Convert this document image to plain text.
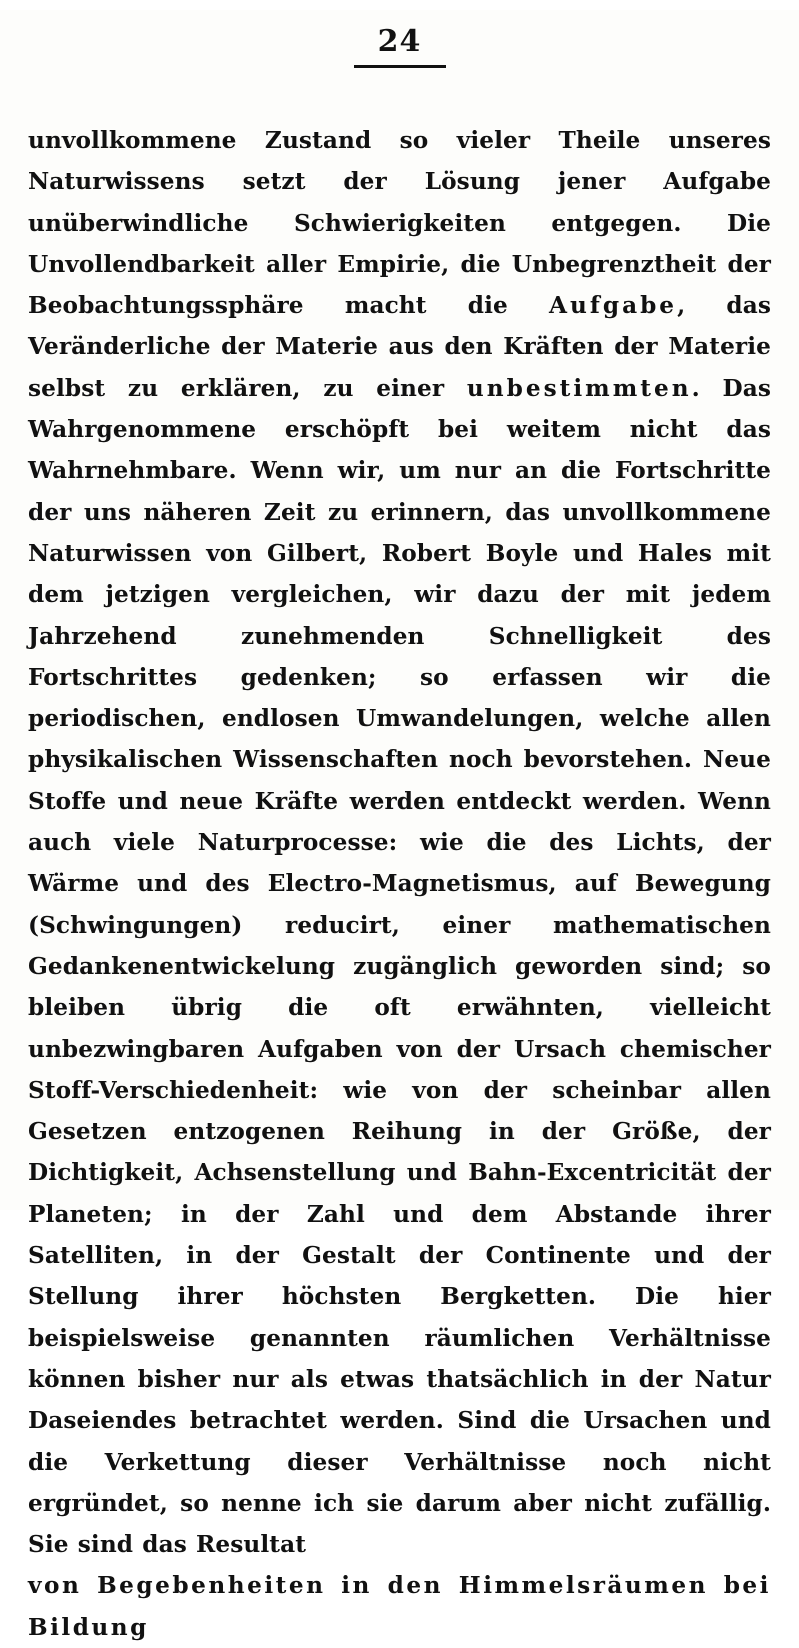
24
unvollkommene Zustand so vieler Theile unseres Naturwissens setzt der Lösung jener Aufgabe unüberwindliche Schwierigkeiten entgegen. Die Unvollendbarkeit aller Empirie, die Unbegrenztheit der Beobachtungssphäre macht die Aufgabe, das Veränderliche der Materie aus den Kräften der Materie selbst zu erklären, zu einer unbestimmten. Das Wahrgenommene erschöpft bei weitem nicht das Wahrnehmbare. Wenn wir, um nur an die Fortschritte der uns näheren Zeit zu erinnern, das unvollkommene Naturwissen von Gilbert, Robert Boyle und Hales mit dem jetzigen vergleichen, wir dazu der mit jedem Jahrzehend zunehmenden Schnelligkeit des Fortschrittes gedenken; so erfassen wir die periodischen, endlosen Umwandelungen, welche allen physikalischen Wissenschaften noch bevorstehen. Neue Stoffe und neue Kräfte werden entdeckt werden. Wenn auch viele Naturprocesse: wie die des Lichts, der Wärme und des Electro-Magnetismus, auf Bewegung (Schwingungen) reducirt, einer mathematischen Gedankenentwickelung zugänglich geworden sind; so bleiben übrig die oft erwähnten, vielleicht unbezwingbaren Aufgaben von der Ursach chemischer Stoff-Verschiedenheit: wie von der scheinbar allen Gesetzen entzogenen Reihung in der Größe, der Dichtigkeit, Achsenstellung und Bahn-Excentricität der Planeten; in der Zahl und dem Abstande ihrer Satelliten, in der Gestalt der Continente und der Stellung ihrer höchsten Bergketten. Die hier beispielsweise genannten räumlichen Verhältnisse können bisher nur als etwas thatsächlich in der Natur Daseiendes betrachtet werden. Sind die Ursachen und die Verkettung dieser Verhältnisse noch nicht ergründet, so nenne ich sie darum aber nicht zufällig. Sie sind das Resultat
von Begebenheiten in den Himmelsräumen bei Bildung
